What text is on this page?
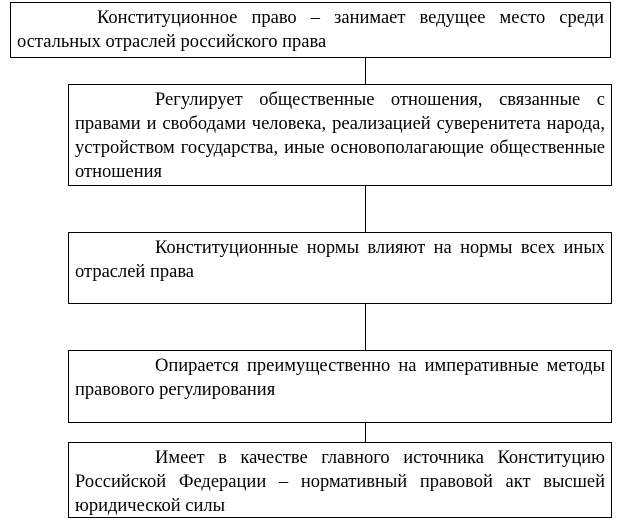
Конституционное право – занимает ведущее место среди остальных отраслей российского права
Регулирует общественные отношения, связанные с правами и свободами человека, реализацией суверенитета народа, устройством государства, иные основополагающие общественные отношения
Конституционные нормы влияют на нормы всех иных отраслей права
Опирается преимущественно на императивные методы правового регулирования
Имеет в качестве главного источника Конституцию Российской Федерации – нормативный правовой акт высшей юридической силы
